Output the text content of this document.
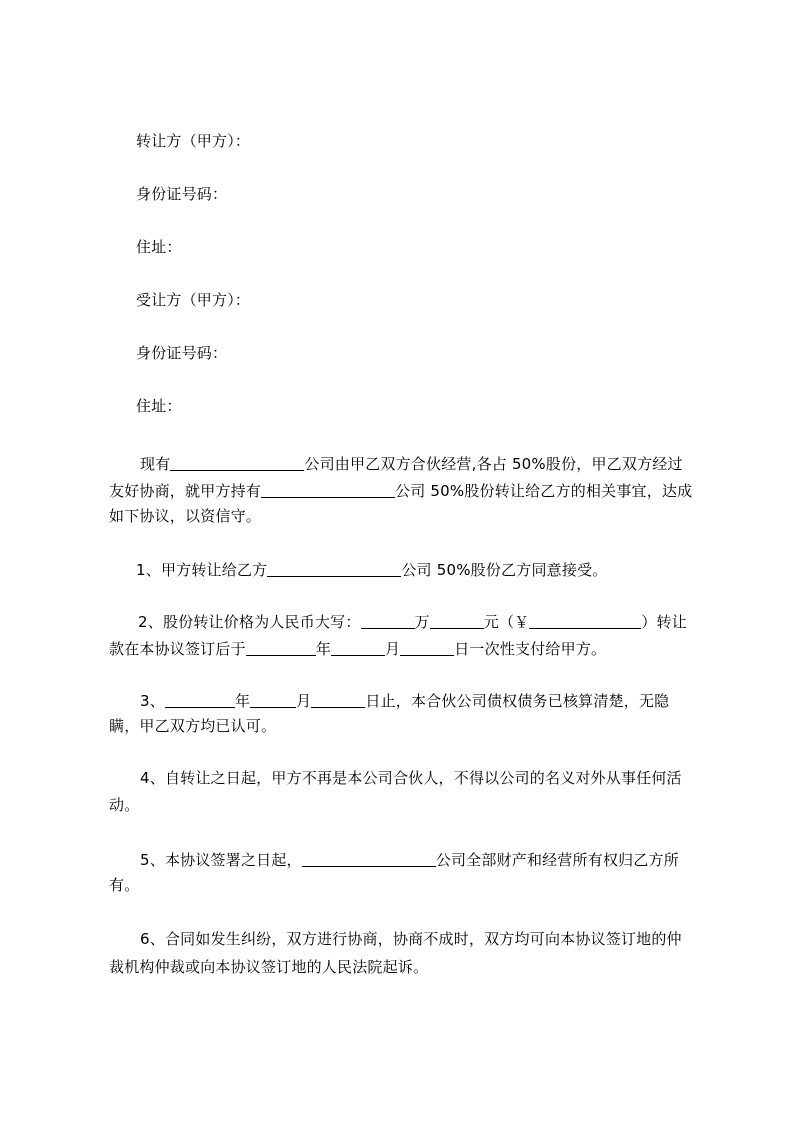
转让方（甲方）：
身份证号码：
住址：
受让方（甲方）：
身份证号码：
住址：
现有	公司由甲乙双方合伙经营,各占 50%股份，甲乙双方经过
友好协商，就甲方持有	公司 50%股份转让给乙方的相关事宜，达成
如下协议，以资信守。
1、甲方转让给乙方	公司 50%股份乙方同意接受。
2、股份转让价格为人民币大写：	万	元（￥	）转让
款在本协议签订后于	年	月	日一次性支付给甲方。
3、	年	月	日止，本合伙公司债权债务已核算清楚，无隐
瞒，甲乙双方均已认可。
4、自转让之日起，甲方不再是本公司合伙人，不得以公司的名义对外从事任何活
动。
5、本协议签署之日起，	公司全部财产和经营所有权归乙方所
有。
6、合同如发生纠纷，双方进行协商，协商不成时，双方均可向本协议签订地的仲
裁机构仲裁或向本协议签订地的人民法院起诉。
